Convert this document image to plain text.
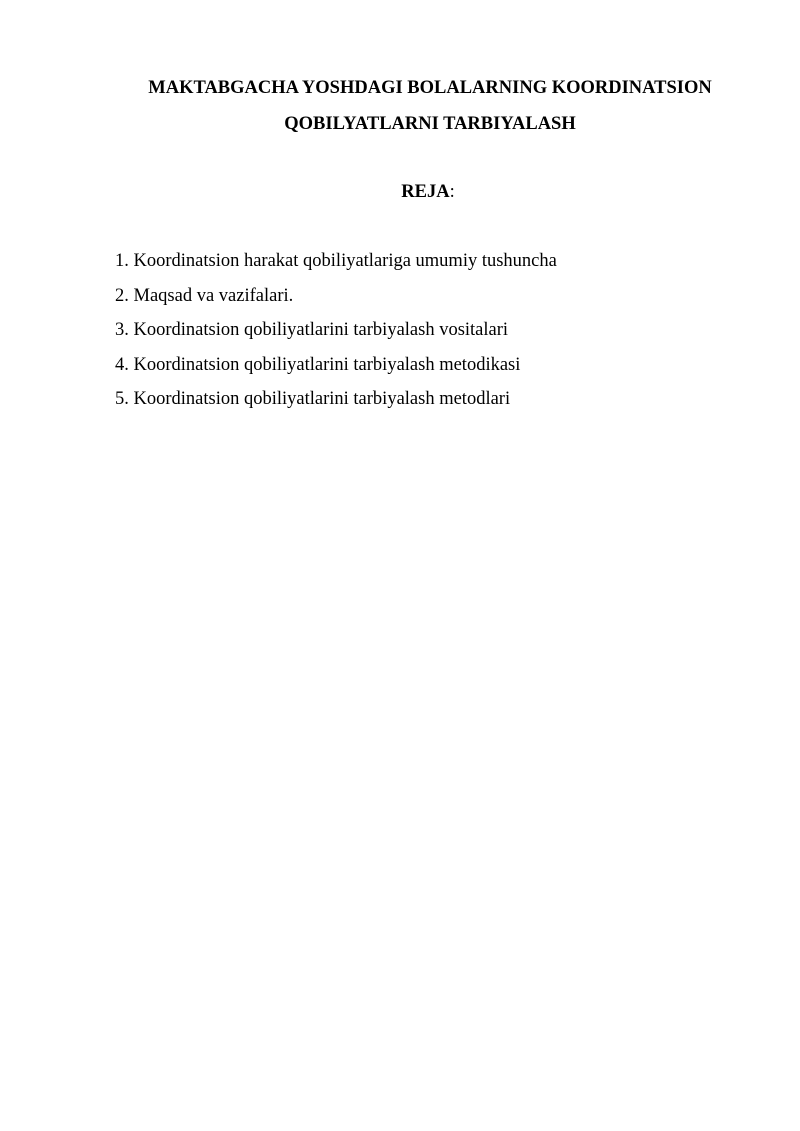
MAKTABGACHA YOSHDAGI BOLALARNING KOORDINATSION
QOBILYATLARNI TARBIYALASH
REJA:
1. Koordinatsion harakat qobiliyatlariga umumiy tushuncha
2. Maqsad va vazifalari.
3. Koordinatsion qobiliyatlarini tarbiyalash vositalari
4. Koordinatsion qobiliyatlarini tarbiyalash metodikasi
5. Koordinatsion qobiliyatlarini tarbiyalash metodlari
